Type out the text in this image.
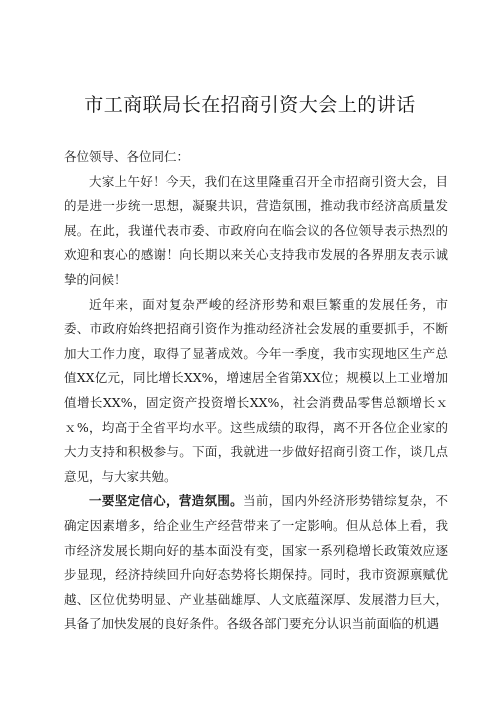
市工商联局长在招商引资大会上的讲话

各位领导、各位同仁：

大家上午好！今天，我们在这里隆重召开全市招商引资大会，目的是进一步统一思想，凝聚共识，营造氛围，推动我市经济高质量发展。在此，我谨代表市委、市政府向在临会议的各位领导表示热烈的欢迎和衷心的感谢！向长期以来关心支持我市发展的各界朋友表示诚挚的问候！

近年来，面对复杂严峻的经济形势和艰巨繁重的发展任务，市委、市政府始终把招商引资作为推动经济社会发展的重要抓手，不断加大工作力度，取得了显著成效。今年一季度，我市实现地区生产总值XX亿元，同比增长XX%，增速居全省第XX位；规模以上工业增加值增长XX%，固定资产投资增长XX%，社会消费品零售总额增长ｘｘ%，均高于全省平均水平。这些成绩的取得，离不开各位企业家的大力支持和积极参与。下面，我就进一步做好招商引资工作，谈几点意见，与大家共勉。

一要坚定信心，营造氛围。当前，国内外经济形势错综复杂，不确定因素增多，给企业生产经营带来了一定影响。但从总体上看，我市经济发展长期向好的基本面没有变，国家一系列稳增长政策效应逐步显现，经济持续回升向好态势将长期保持。同时，我市资源禀赋优越、区位优势明显、产业基础雄厚、人文底蕴深厚、发展潜力巨大，具备了加快发展的良好条件。各级各部门要充分认识当前面临的机遇
